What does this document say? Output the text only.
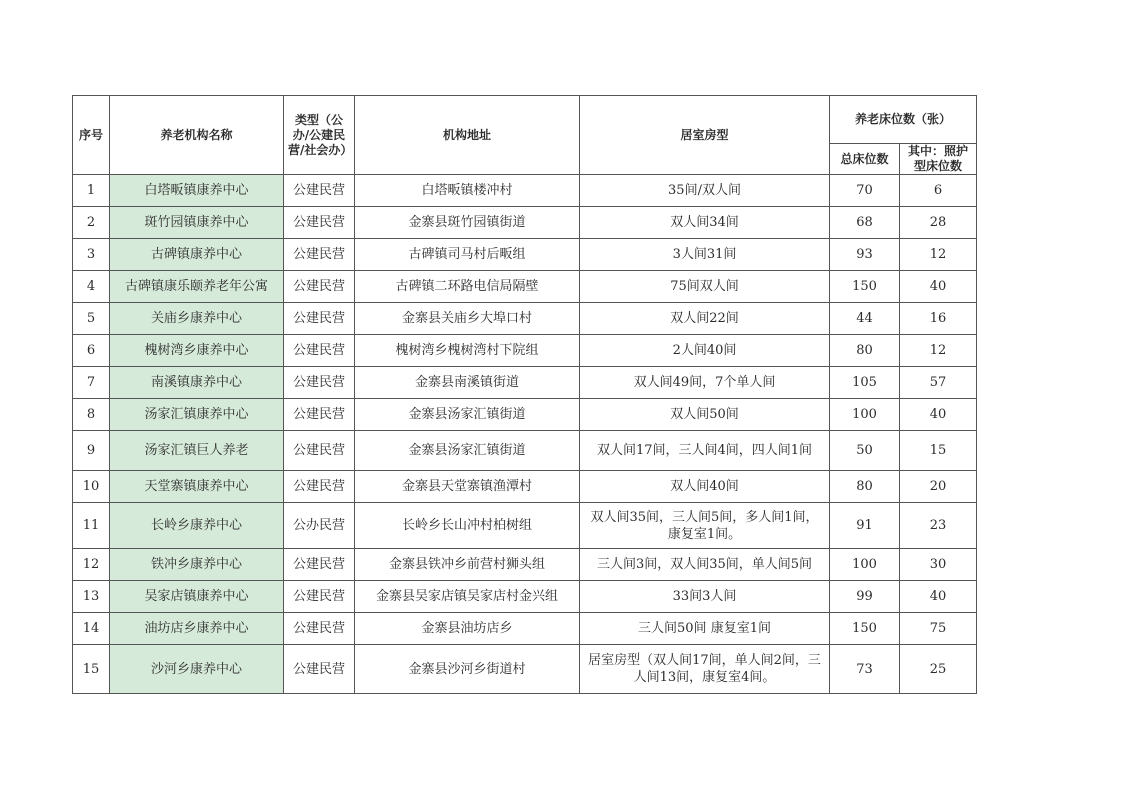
序号	养老机构名称	类型（公办/公建民营/社会办）	机构地址	居室房型	养老床位数（张）	
					总床位数	其中：照护型床位数
1	白塔畈镇康养中心	公建民营	白塔畈镇楼冲村	35间/双人间	70	6
2	斑竹园镇康养中心	公建民营	金寨县斑竹园镇街道	双人间34间	68	28
3	古碑镇康养中心	公建民营	古碑镇司马村后畈组	3人间31间	93	12
4	古碑镇康乐颐养老年公寓	公建民营	古碑镇二环路电信局隔壁	75间双人间	150	40
5	关庙乡康养中心	公建民营	金寨县关庙乡大埠口村	双人间22间	44	16
6	槐树湾乡康养中心	公建民营	槐树湾乡槐树湾村下院组	2人间40间	80	12
7	南溪镇康养中心	公建民营	金寨县南溪镇街道	双人间49间，7个单人间	105	57
8	汤家汇镇康养中心	公建民营	金寨县汤家汇镇街道	双人间50间	100	40
9	汤家汇镇巨人养老	公建民营	金寨县汤家汇镇街道	双人间17间，三人间4间，四人间1间	50	15
10	天堂寨镇康养中心	公建民营	金寨县天堂寨镇渔潭村	双人间40间	80	20
11	长岭乡康养中心	公办民营	长岭乡长山冲村柏树组	双人间35间，三人间5间，多人间1间，康复室1间。	91	23
12	铁冲乡康养中心	公建民营	金寨县铁冲乡前营村狮头组	三人间3间，双人间35间，单人间5间	100	30
13	吴家店镇康养中心	公建民营	金寨县吴家店镇吴家店村金兴组	33间3人间	99	40
14	油坊店乡康养中心	公建民营	金寨县油坊店乡	三人间50间 康复室1间	150	75
15	沙河乡康养中心	公建民营	金寨县沙河乡街道村	居室房型（双人间17间，单人间2间，三人间13间，康复室4间。	73	25
